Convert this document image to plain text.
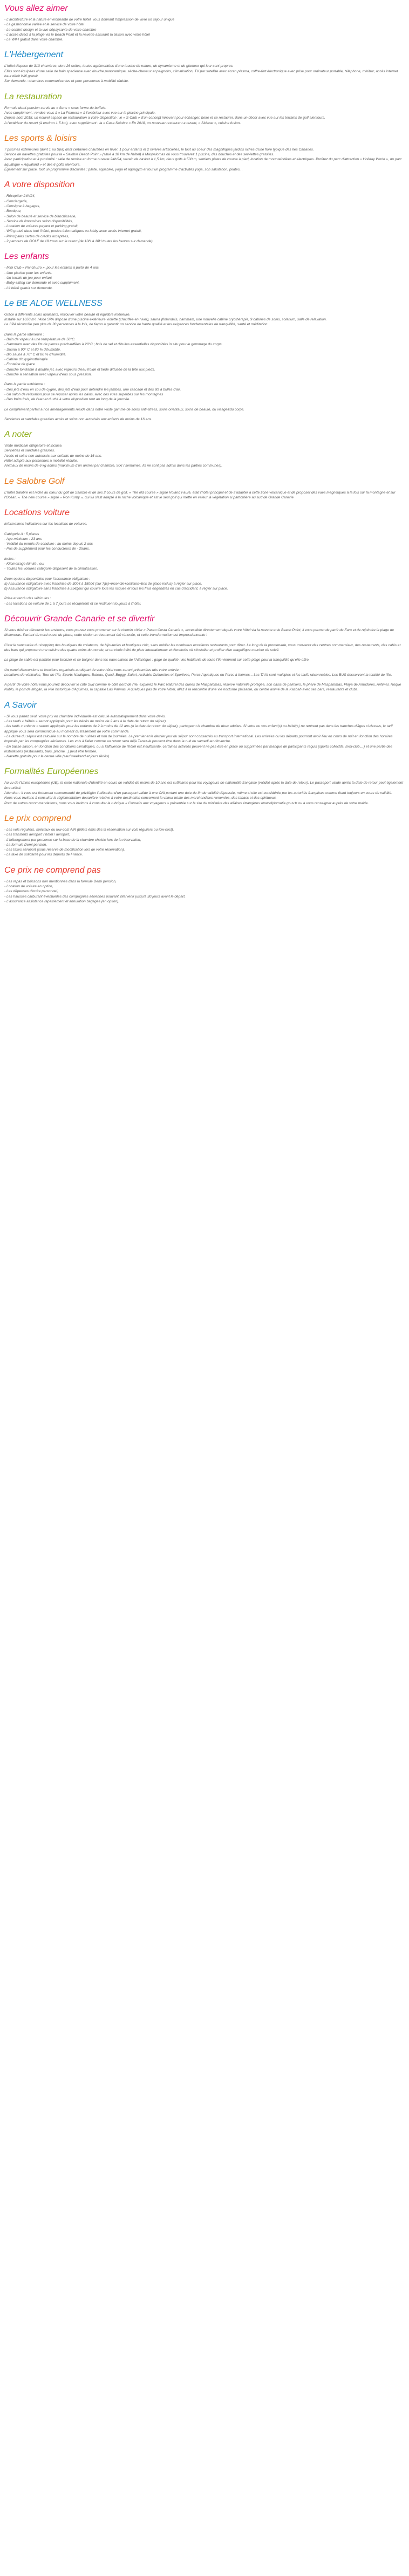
Vous allez aimer

- L'architecture et la nature environnante de votre hôtel, vous donnant l'impression de vivre un séjour unique

- La gastronomie variée et le service de votre hôtel

- Le confort design et la vue dépaysante de votre chambre

- L'accès direct à la plage via le Beach Point et la navette assurant la liaison avec votre hôtel

- Le WIFI gratuit dans votre chambre.

L'Hébergement

L'hôtel dispose de 313 chambres, dont 26 suites, toutes agrémentées d'une touche de nature, de dynamisme et de glamour qui leur sont propres.

Elles sont équipées d'une salle de bain spacieuse avec douche panoramique, sèche-cheveux et peignoirs, climatisation, TV par satellite avec écran plasma, coffre-fort électronique avec prise pour ordinateur portable, téléphone, minibar, accès internet haut débit Wifi gratuit.

Sur demande : chambres communicantes et pour personnes à mobilité réduite.

La restauration

Formule demi-pension servie au « Sens » sous forme de buffets.

Avec supplément : rendez-vous à « La Palmera » à l'extérieur avec vue sur la piscine principale.

Depuis août 2018, un nouvel espace de restauration a votre disposition : le « S-Club » d'un concept innovant pour échanger, boire et se restaurer, dans un décor avec vue sur les terrains de golf alentours.

A l'extérieur du resort (à environ 1,5 km), avec supplément : la « Casa Salobre » En 2018, un nouveau restaurant a ouvert, « Sidecar », cuisine fusion.

Les sports & loisirs

7 piscines extérieures (dont 1 au Spa) dont certaines chauffées en hiver, 1 pour enfants et 2 rivières artificielles, le tout au coeur des magnifiques jardins riches d'une flore typique des îles Canaries.

Service de navettes gratuites pour la « Salobre Beach Point » (situé à 10 km de l'hôtel) à Maspalomas où vous trouverez 1 piscine, des douches et des serviettes gratuites.

Avec participation et à proximité : salle de remise en forme ouverte 24h/24, terrain de basket à 1,5 km, deux golfs à 500 m, sentiers pistes de course à pied, location de mountainbikes et électriques. Profitez du parc d'attraction « Holiday World », du parc aquatique « Aqualand » et des 6 golfs alentours.

Également sur place, tout un programme d'activités : pilate, aquabike, yoga et aquagym et tout un programme d'activités yoga, son saluitation, pilates...

A votre disposition

- Réception 24h/24,

- Conciergerie,

- Consigne à bagages,

- Boutique,

- Salon de beauté et service de blanchisserie,

- Service de limousines selon disponibilités,

- Location de voitures payant et parking gratuit,

- Wifi gratuit dans tout l'hôtel, postes informatiques ou lobby avec accès internet gratuit,

- Principales cartes de crédits acceptées,

- 2 parcours de GOLF de 18 trous sur le resort (de 10H à 18H toutes les heures sur demande).

Les enfants

- Mini Club « Panchurro », pour les enfants à partir de 4 ans

- Une piscine pour les enfants.

- Un terrain de jeu pour enfant

- Baby-sitting sur demande et avec supplément.

- Lit bébé gratuit sur demande.

Le BE ALOE WELLNESS

Grâce à différents soins apaisants, retrouver votre beauté et équilibre intérieure.

Installé sur 1650 m², l'Aloe SPA dispose d'une piscine extérieure violette (chauffée en hiver), sauna (finlandais, hammam, une nouvelle cabine cryothérapie, 9 cabines de soins, solarium, salle de relaxation.

Le SPA réconcilie peu plus de 30 personnes à la fois, de façon à garantir un service de haute qualité et les exigences fondamentales de tranquillité, santé et méditation.

Dans la partie intérieure :

- Bain de vapeur à une température de 50°C.

- Hammam avec des lits de pierres préchauffées à 20°C ; bois de sel et d'huiles essentielles disponibles in situ pour le gommage du corps.

- Sauna à 90° C et 80 % d'humidité.

- Bio sauna à 70° C et 80 % d'humidité.

- Cabine d'oxygénothérapie

- Fontaine de glace

- Douche tonifiante à double jet, avec vapeurs d'eau froide et tiède diffusée de la tête aux pieds.

- Douche à sensation avec vapeur d'eau sous pression.

Dans la partie extérieure :

- Des jets d'eau en cou de cygne, des jets d'eau pour détendre les jambes, une cascade et des lits à bulles d'air.

- Un salon de relaxation pour se reposer après les bains, avec des vues superbes sur les montagnes

- Des fruits frais, de l'eau et du thé à votre disposition tout au long de la journée.

Le complément parfait à nos aménagements réside dans notre vaste gamme de soins anti-stress, soins orientaux, soins de beauté, du visage&du corps.

Serviettes et sandales gratuites accès et soins non autorisés aux enfants de moins de 16 ans.

A noter

Visite médicale obligatoire et incluse.

Serviettes et sandales gratuites.

Accès et soins non autorisés aux enfants de moins de 16 ans.

Hôtel adapté aux personnes à mobilité réduite.

Animaux de moins de 6 kg admis (maximum d'un animal par chambre, 50€ / semaines. Ils ne sont pas admis dans les parties communes).

Le Salobre Golf

L'hôtel Salobre est niché au cœur du golf de Salobre et de ses 2 cours de golf, « The old course » signé Roland Fauré, était l'hôtel principal et de s'adapter à cette zone volcanique et de proposer des vues magnifiques à la fois sur la montagne et sur l'Océan. « The new course » signé « Ron Kurby », qui lui s'est adapté à la roche volcanique et est le seul golf qui mette en valeur la végétation si particulière au sud de Grande Canarie

Locations voiture

Informations indicatives sur les locations de voitures.

Catégorie A : 5 places

- Age minimum : 23 ans

- Validité du permis de conduire : au moins depuis 2 ans

- Pas de supplément pour les conducteurs de - 25ans.

Inclus :

- Kilometrage illimité : oui

- Toutes les voitures catégorie disposent de la climatisation.

Deux options disponibles pour l'assurance obligatoire :

a) Assurance obligatoire avec franchise de 300€ à 1500€ (sur 7jts)+incendie+collision+bris de glace inclus) à régler sur place.

b) Assurance obligatoire sans franchise à 25€/jour qui couvre tous les risques et tous les frais engendrés en cas d'accident, à régler sur place.

Prise et rendu des véhicules :

- Les locations de voiture de 1 à 7 jours se récupèrent et se restituent toujours à l'hôtel.

Découvrir Grande Canarie et se divertir

Si vous désirez découvrir les environs, vous pouvez vous promener sur le chemin côtier « Paseo Costa Canaria », accessible directement depuis votre hôtel via la navette et le Beach Point, il vous permet de partir de Faro et de rejoindre la plage de Meloneras. Partant du nord-ouest du phare, cette station a récemment été rénovée, et cette transformation est impressionnante !

C'est le sanctuaire du shopping des boutiques de créateurs, de bijouteries et boutiques chic, sans oublier les nombreux excellents restaurants pour dîner. Le long de la promenade, vous trouverez des centres commerciaux, des restaurants, des cafés et des bars qui proposent une cuisine des quatre coins du monde, et un choix infini de plats internationaux et d'endroits où s'installer et profiter d'un magnifique coucher de soleil.

La plage de sable est parfaite pour bronzer et se baigner dans les eaux claires de l'Atlantique : gage de qualité ; les habitants de toute l'île viennent sur cette plage pour la tranquillité qu'elle offre.

Un panel d'excursions et locations organisés au départ de votre hôtel vous seront présentées dès votre arrivée :

Locations de véhicules, Tour de l'île, Sports Nautiques, Bateau, Quad, Buggy, Safari, Activités Culturelles et Sportives, Parcs Aquatiques ou Parcs à thèmes... Les TAXI sont multiples et les tarifs raisonnables. Les BUS desservent la totalité de l'île.

A partir de votre hôtel vous pourrez découvrir le côté Sud comme le côté nord de l'île, explorez le Parc Naturel des dunes de Maspalomas, réserve naturelle protégée, son oasis de palmiers, le phare de Maspalomas, Playa de Amadores, Anfimar, Roque Nublo, le port de Mogán, la ville historique d'Agüimes, la capitale Las Palmas. A quelques pas de votre Hôtel, allez à la rencontre d'une vie nocturne plaisante, du centre animé de la Kasbah avec ses bars, restaurants et clubs.

A Savoir

- Si vous partez seul, votre prix en chambre individuelle est calculé automatiquement dans votre devis.

- Les tarifs « bébés » seront appliqués pour les bébés de moins de 2 ans à la date de retour du séjour).

- les tarifs « enfants » seront appliqués pour les enfants de 2 à moins de 12 ans (à la date de retour du séjour), partageant la chambre de deux adultes. Si votre ou vos enfant(s) ou bébé(s) ne rentrent pas dans les tranches d'âges ci-dessus, le tarif appliqué vous sera communiqué au moment du traitement de votre commande.

- La durée du séjour est calculée sur le nombre de nuitées et non de journées. Le premier et le dernier jour du séjour sont consacrés au transport international. Les arrivées ou les départs pourront avoir lieu en cours de nuit en fonction des horaires imposés par les compagnies aériennes. Les vols à l'aller comme au retour sera déjà Tenez-le pouvent être dans la nuit du samedi au dimanche.

- En basse saison, en fonction des conditions climatiques, ou si l'affluence de l'hôtel est insuffisante, certaines activités peuvent ne pas être en place ou supprimées par manque de participants requis (sports collectifs, mini-club,...) et une partie des installations (restaurants, bars, piscine...) peut être fermée.

- Navette gratuite pour le centre ville (sauf weekend et jours fériés)

Formalités Européennes

Au vu de l'Union européenne (UE), la carte nationale d'identité en cours de validité de moins de 10 ans est suffisante pour les voyageurs de nationalité française (validité après la date de retour). Le passeport valide après la date de retour peut également être utilisé.

Attention : il vous est fortement recommandé de privilégier l'utilisation d'un passeport valide à une CNI portant une date de fin de validité dépassée, même si elle est considérée par les autorités françaises comme étant toujours en cours de validité.

Nous vous invitons à consulter la réglementation douanière relative à votre destination concernant la valeur totale des marchandises ramenées, des tabacs et des spiritueux.

Pour de autres recommandations, nous vous invitons à consulter la rubrique « Conseils aux voyageurs » présentée sur le site du ministère des affaires étrangères www.diplomatie.gouv.fr ou à vous renseigner auprès de votre mairie.

Le prix comprend

- Les vols réguliers, spéciaux ou low-cost A/R (billets émis dès la réservation sur vols réguliers ou low-cost),

- Les transferts aéroport / hôtel / aéroport,

- L'hébergement par personne sur la base de la chambre choisie lors de la réservation,

- La formule Demi pension,

- Les taxes aéroport (sous réserve de modification lors de votre réservation),

- La taxe de solidarité pour les départs de France.

Ce prix ne comprend pas

- Les repas et boissons non mentionnés dans la formule Demi pension,

- Location de voiture en option,

- Les dépenses d'ordre personnel,

- Les hausses carburant éventuelles des compagnies aériennes pouvant intervenir jusqu'à 30 jours avant le départ,

- L'assurance assistance rapatriement et annulation bagages (en option).
